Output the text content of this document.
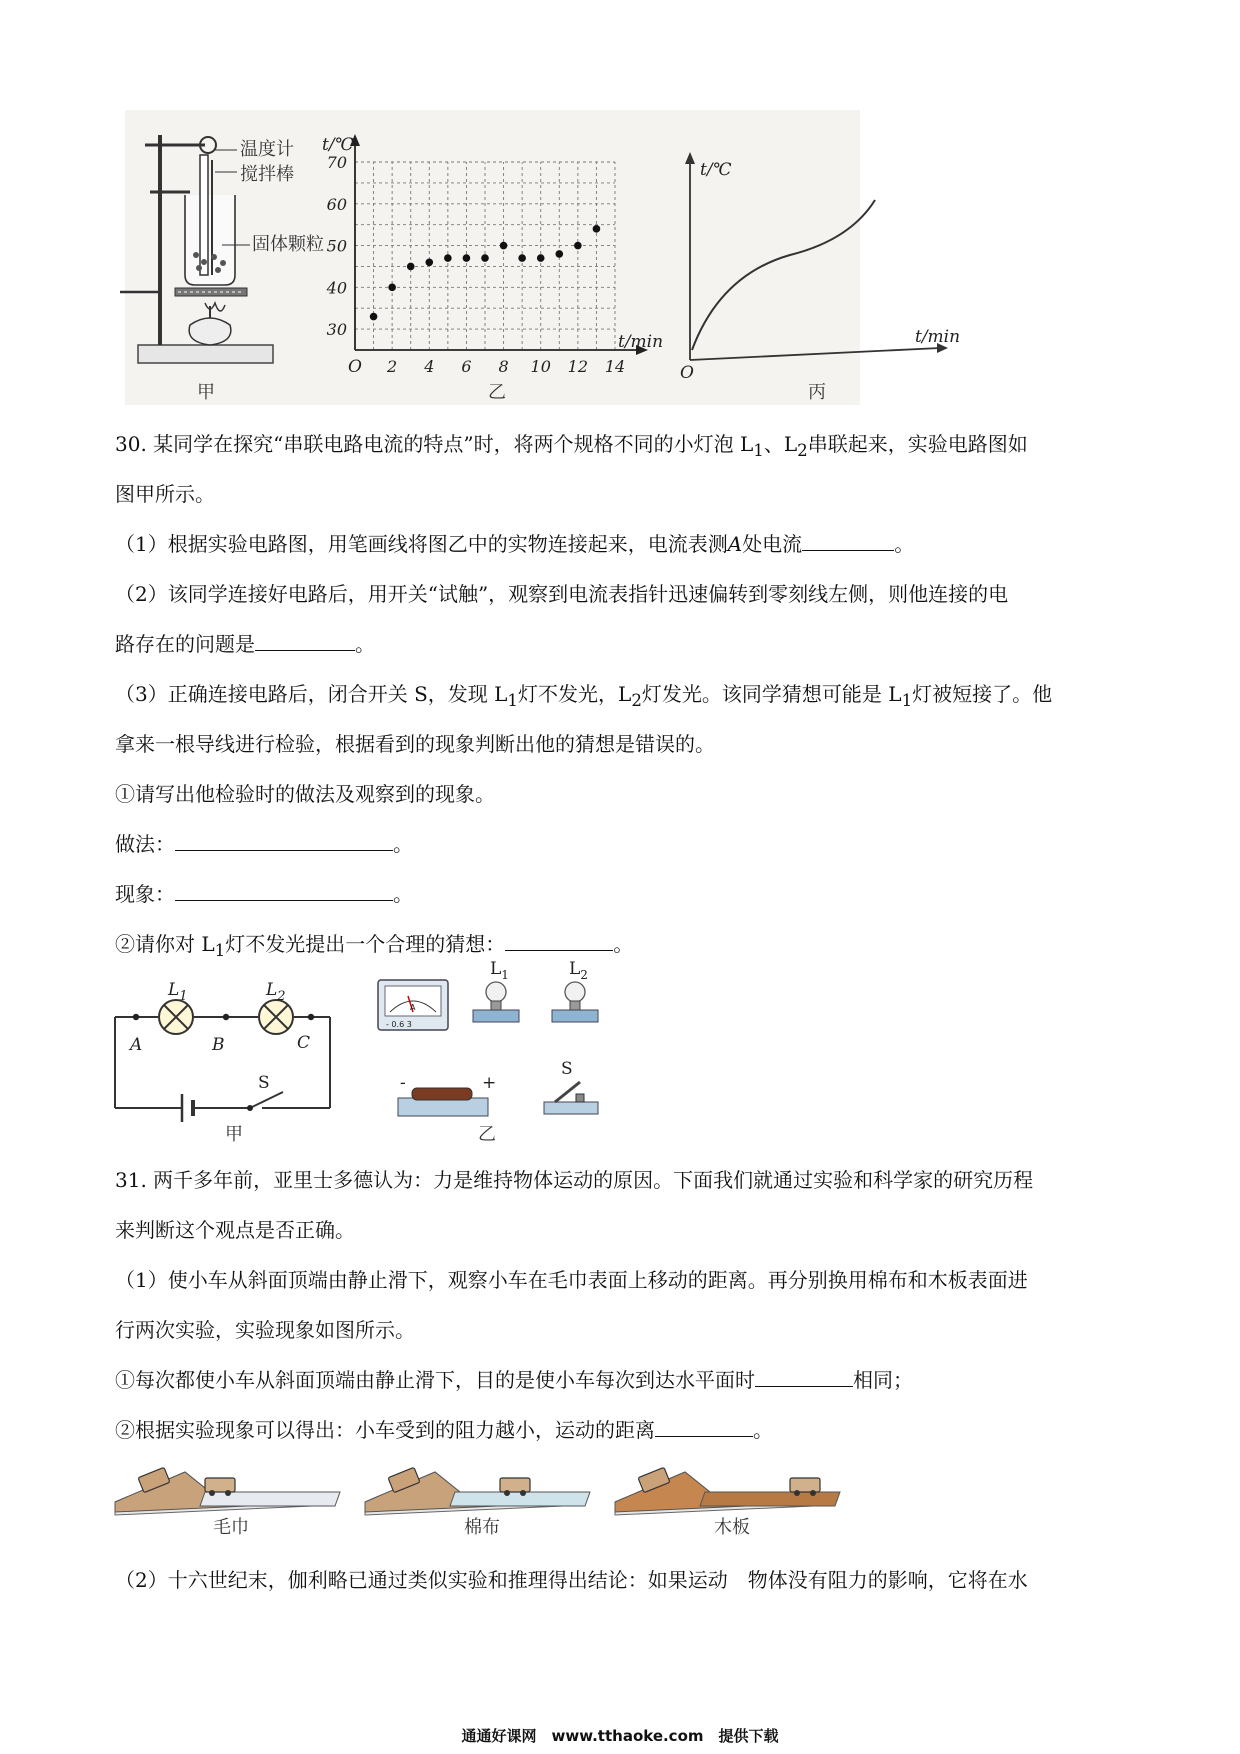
温度计
搅拌棒
固体颗粒
甲
30
40
50
60
70
2 4 6 8 10 12 14
t/℃
t/min
O
乙
t/℃
t/min
O
丙
30. 某同学在探究“串联电路电流的特点”时，将两个规格不同的小灯泡 $L_1$、$L_2$串联起来，实验电路图如
图甲所示。
（1）根据实验电路图，用笔画线将图乙中的实物连接起来，电流表测A处电流	。
（2）该同学连接好电路后，用开关“试触”，观察到电流表指针迅速偏转到零刻线左侧，则他连接的电
路存在的问题是	。
（3）正确连接电路后，闭合开关 S，发现 $L_1$灯不发光，$L_2$灯发光。该同学猜想可能是 $L_1$灯被短接了。他
拿来一根导线进行检验，根据看到的现象判断出他的猜想是错误的。
①请写出他检验时的做法及观察到的现象。
做法：	。
现象：	。
②请你对 $L_1$灯不发光提出一个合理的猜想：	。
$L_1$	$L_2$
A	B	C
S
甲
A
- 0.6 3
$L_1$	$L_2$
-	+
S
乙
31. 两千多年前，亚里士多德认为：力是维持物体运动的原因。下面我们就通过实验和科学家的研究历程
来判断这个观点是否正确。
（1）使小车从斜面顶端由静止滑下，观察小车在毛巾表面上移动的距离。再分别换用棉布和木板表面进
行两次实验，实验现象如图所示。
①每次都使小车从斜面顶端由静止滑下，目的是使小车每次到达水平面时	相同；
②根据实验现象可以得出：小车受到的阻力越小，运动的距离	。
毛巾	棉布	木板
（2）十六世纪末，伽利略已通过类似实验和推理得出结论：如果运动　物体没有阻力的影响，它将在水
通通好课网　www.tthaoke.com　提供下载
